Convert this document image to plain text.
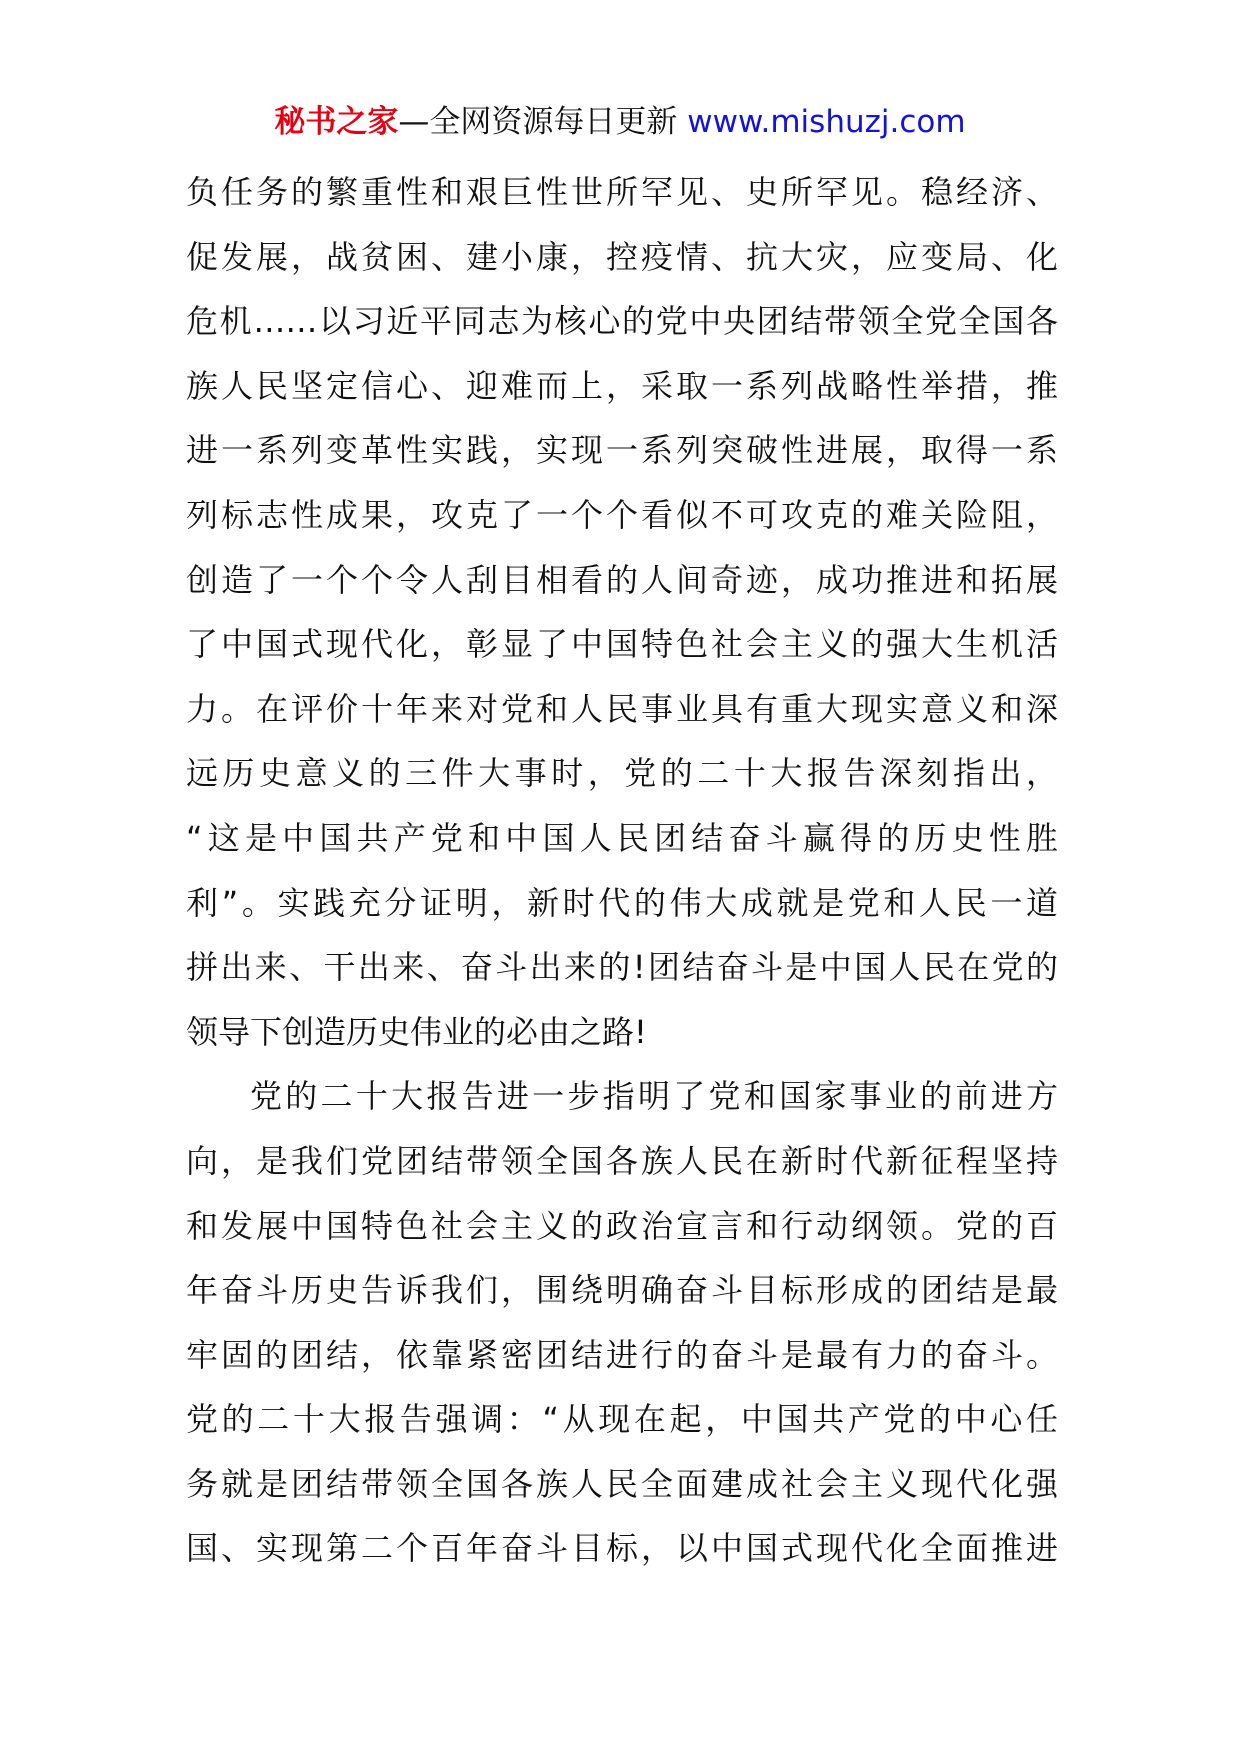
秘书之家—全网资源每日更新 www.mishuzj.com
负任务的繁重性和艰巨性世所罕见、史所罕见。稳经济、
促发展，战贫困、建小康，控疫情、抗大灾，应变局、化
危机……以习近平同志为核心的党中央团结带领全党全国各
族人民坚定信心、迎难而上，采取一系列战略性举措，推
进一系列变革性实践，实现一系列突破性进展，取得一系
列标志性成果，攻克了一个个看似不可攻克的难关险阻，
创造了一个个令人刮目相看的人间奇迹，成功推进和拓展
了中国式现代化，彰显了中国特色社会主义的强大生机活
力。在评价十年来对党和人民事业具有重大现实意义和深
远历史意义的三件大事时，党的二十大报告深刻指出，
“这是中国共产党和中国人民团结奋斗赢得的历史性胜
利”。实践充分证明，新时代的伟大成就是党和人民一道
拼出来、干出来、奋斗出来的!团结奋斗是中国人民在党的
领导下创造历史伟业的必由之路!
党的二十大报告进一步指明了党和国家事业的前进方
向，是我们党团结带领全国各族人民在新时代新征程坚持
和发展中国特色社会主义的政治宣言和行动纲领。党的百
年奋斗历史告诉我们，围绕明确奋斗目标形成的团结是最
牢固的团结，依靠紧密团结进行的奋斗是最有力的奋斗。
党的二十大报告强调：“从现在起，中国共产党的中心任
务就是团结带领全国各族人民全面建成社会主义现代化强
国、实现第二个百年奋斗目标，以中国式现代化全面推进
